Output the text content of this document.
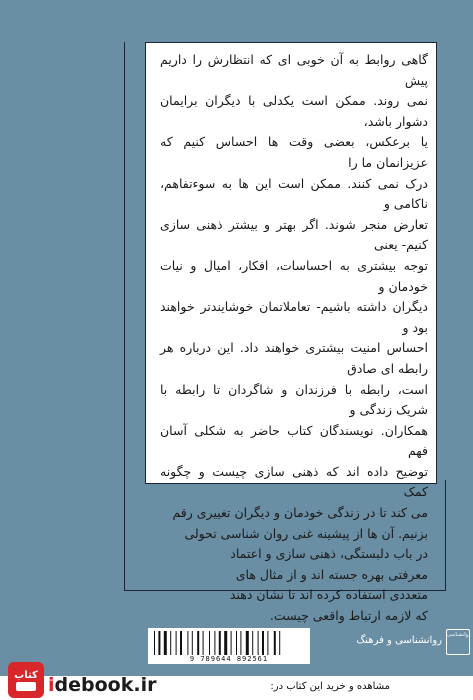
گاهی روابط به آن خوبی ای که انتظارش را داریم پیش

نمی روند. ممکن است یکدلی با دیگران برایمان دشوار باشد،

یا برعکس، بعضی وقت ها احساس کنیم که عزیزانمان ما را

درک نمی کنند. ممکن است این ها به سوءتفاهم، ناکامی و

تعارض منجر شوند. اگر بهتر و بیشتر ذهنی سازی کنیم- یعنی

توجه بیشتری به احساسات، افکار، امیال و نیات خودمان و

دیگران داشته باشیم- تعاملاتمان خوشایندتر خواهند بود و

احساس امنیت بیشتری خواهند داد. این درباره هر رابطه ای صادق

است، رابطه با فرزندان و شاگردان تا رابطه با شریک زندگی و

همکاران. نویسندگان کتاب حاضر به شکلی آسان فهم

توضیح داده اند که ذهنی سازی چیست و چگونه کمک

می کند تا در زندگی خودمان و دیگران تغییری رقم

بزنیم. آن ها از پیشینه غنی روان شناسی تحولی

در باب دلبستگی، ذهنی سازی و اعتماد

معرفتی بهره جسته اند و از مثال های

متعددی استفاده کرده اند تا نشان دهند

که لازمه ارتباط واقعی چیست.

9 789644 892561
روانشناسی و فرهنگ روانشناسی
کتاب idebook.ir	مشاهده و خرید این کتاب در:
